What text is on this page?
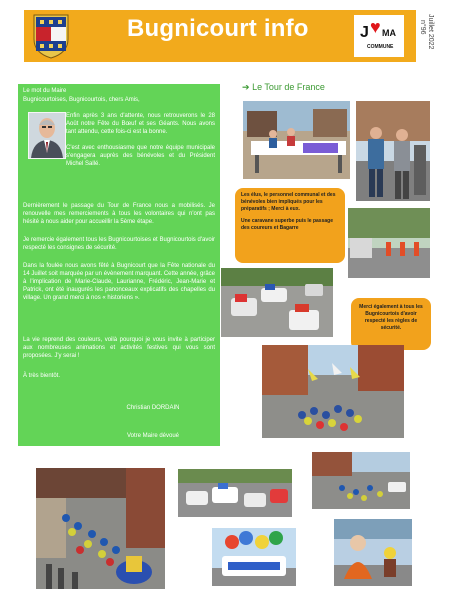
Bugnicourt info	J ♥ MA
COMMUNE	Juillet 2022
n°96

Le mot du Maire

Bugnicourtoises, Bugnicourtois, chers Amis,

Enfin après 3 ans d'attente, nous retrouverons le 28 Août notre Fête du Bœuf et ses Géants. Nous avons tant attendu, cette fois-ci est la bonne.

C'est avec enthousiasme que notre équipe municipale s'engagera auprès des bénévoles et du Président Michel Sallé.

Dernièrement le passage du Tour de France nous a mobilisés. Je renouvelle mes remerciements à tous les volontaires qui n'ont pas hésité à nous aider pour accueillir la 5ème étape.

Je remercie également tous les Bugnicourtoises et Bugnicourtois d'avoir respecté les consignes de sécurité.

Dans la foulée nous avons fêté à Bugnicourt que la Fête nationale du 14 Juillet soit marquée par un évènement marquant. Cette année, grâce à l'implication de Marie-Claude, Laurianne, Frédéric, Jean-Marie et Patrick, ont été inaugurés les panonceaux explicatifs des chapelles du village. Un grand merci à nos « historiens ».

La vie reprend des couleurs, voilà pourquoi je vous invite à participer aux nombreuses animations et activités festives qui vous sont proposées. J'y serai !

À très bientôt.

Christian DORDAIN

Votre Maire dévoué

➔ Le Tour de France

Les élus, le personnel communal et des bénévoles bien impliqués pour les préparatifs ; Merci à eux.

Une caravane superbe puis le passage des coureurs et Bagarre

Merci également à tous les Bugnicourtois d'avoir respecté les règles de sécurité.
